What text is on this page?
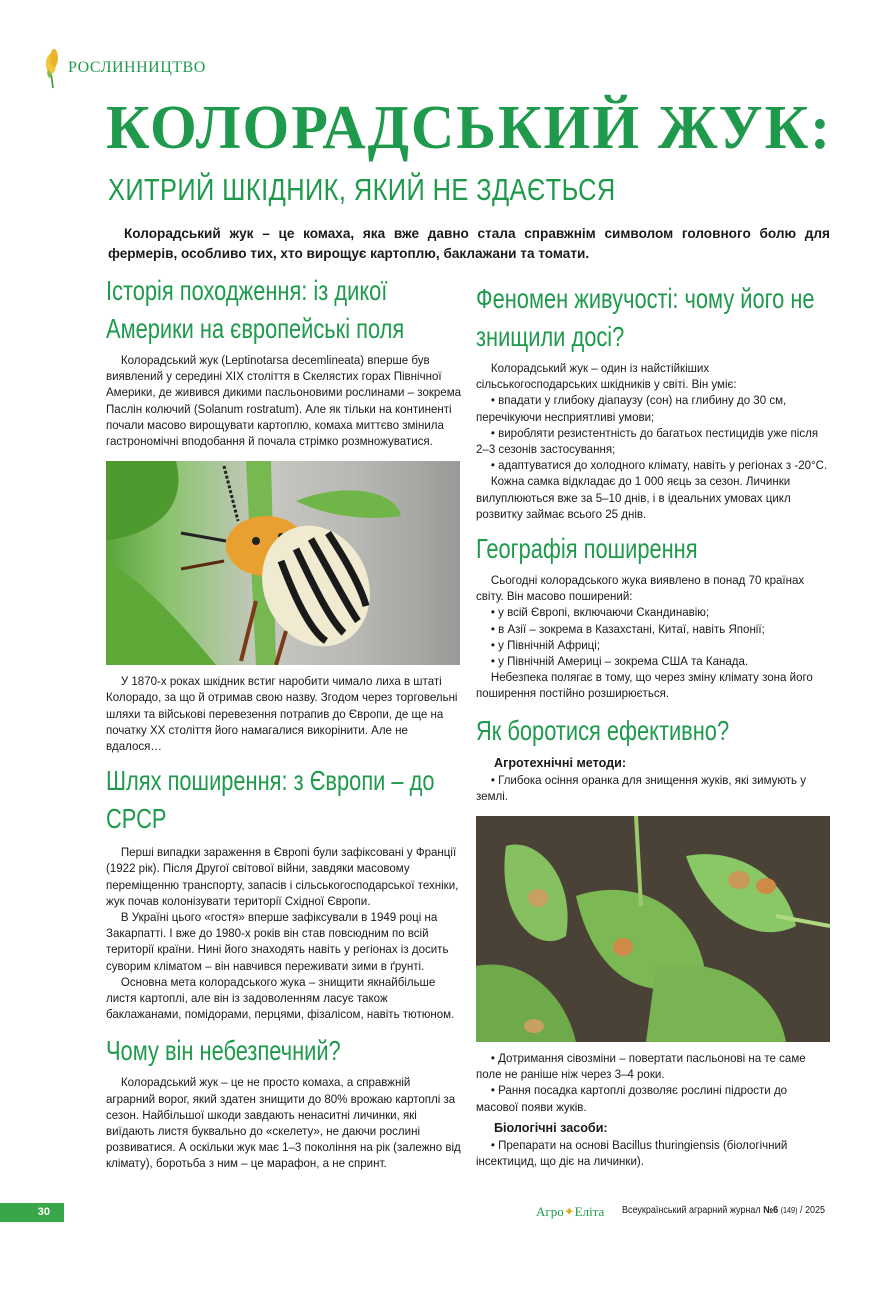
РОСЛИННИЦТВО
КОЛОРАДСЬКИЙ ЖУК:
ХИТРИЙ ШКІДНИК, ЯКИЙ НЕ ЗДАЄТЬСЯ

Колорадський жук – це комаха, яка вже давно стала справжнім символом головного болю для фермерів, особливо тих, хто вирощує картоплю, баклажани та томати.

Історія походження: із дикої Америки на європейські поля

Колорадський жук (Leptinotarsa decemlineata) вперше був виявлений у середині XIX століття в Скелястих горах Північної Америки, де живився дикими пасльоновими рослинами – зокрема Паслін колючий (Solanum rostratum). Але як тільки на континенті почали масово вирощувати картоплю, комаха миттєво змінила гастрономічні вподобання й почала стрімко розмножуватися.

У 1870-х роках шкідник встиг наробити чимало лиха в штаті Колорадо, за що й отримав свою назву. Згодом через торговельні шляхи та військові перевезення потрапив до Європи, де ще на початку XX століття його намагалися викорінити. Але не вдалося…

Шлях поширення: з Європи – до СРСР

Перші випадки зараження в Європі були зафіксовані у Франції (1922 рік). Після Другої світової війни, завдяки масовому переміщенню транспорту, запасів і сільськогосподарської техніки, жук почав колонізувати території Східної Європи.

В Україні цього «гостя» вперше зафіксували в 1949 році на Закарпатті. І вже до 1980-х років він став повсюдним по всій території країни. Нині його знаходять навіть у регіонах із досить суворим кліматом – він навчився переживати зими в ґрунті.

Основна мета колорадського жука – знищити якнайбільше листя картоплі, але він із задоволенням ласує також баклажанами, помідорами, перцями, фізалісом, навіть тютюном.

Чому він небезпечний?

Колорадський жук – це не просто комаха, а справжній аграрний ворог, який здатен знищити до 80% врожаю картоплі за сезон. Найбільшої шкоди завдають ненаситні личинки, які виїдають листя буквально до «скелету», не даючи рослині розвиватися. А оскільки жук має 1–3 покоління на рік (залежно від клімату), боротьба з ним – це марафон, а не спринт.

Феномен живучості: чому його не знищили досі?

Колорадський жук – один із найстійкіших сільськогосподарських шкідників у світі. Він уміє:

• впадати у глибоку діапаузу (сон) на глибину до 30 см, перечікуючи несприятливі умови;

• виробляти резистентність до багатьох пестицидів уже після 2–3 сезонів застосування;

• адаптуватися до холодного клімату, навіть у регіонах з -20°С.

Кожна самка відкладає до 1 000 яєць за сезон. Личинки вилуплюються вже за 5–10 днів, і в ідеальних умовах цикл розвитку займає всього 25 днів.

Географія поширення

Сьогодні колорадського жука виявлено в понад 70 країнах світу. Він масово поширений:

• у всій Європі, включаючи Скандинавію;

• в Азії – зокрема в Казахстані, Китаї, навіть Японії;

• у Північній Африці;

• у Північній Америці – зокрема США та Канада.

Небезпека полягає в тому, що через зміну клімату зона його поширення постійно розширюється.

Як боротися ефективно?

Агротехнічні методи:

• Глибока осіння оранка для знищення жуків, які зимують у землі.

• Дотримання сівозміни – повертати пасльонові на те саме поле не раніше ніж через 3–4 роки.

• Рання посадка картоплі дозволяє рослині підрости до масової появи жуків.

Біологічні засоби:

• Препарати на основі Bacillus thuringiensis (біологічний інсектицид, що діє на личинки).

30	Агро✦Еліта Всеукраїнський аграрний журнал №6 (149) / 2025
